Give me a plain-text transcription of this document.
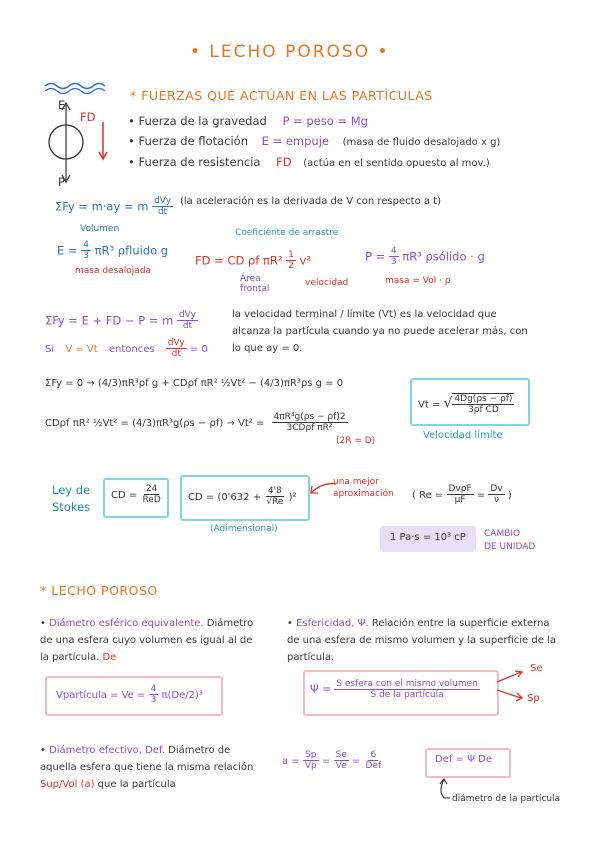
• LECHO POROSO •
E
FD
P
* FUERZAS QUE ACTÚAN EN LAS PARTÍCULAS
• Fuerza de la gravedad P = peso = Mg
• Fuerza de flotación E = empuje (masa de fluido desalojado x g)
• Fuerza de resistencia FD (actúa en el sentido opuesto al mov.)
ΣFy = m·ay = m $\frac{\text{dVy}}{dt} (la$ aceleración es la derivada de V con respecto a t)
Volumen
$E = \frac{4}{3} \pi R^3$ ρfluido g
masa desalojada
Coeficiente de arrastre
FD = CD ρf $\pi R^2 \frac{1}{2} v^2$
Área frontal
velocidad
$P = \frac{4}{3} \pi R^3$ ρsólido · g
masa = Vol · ρ
ΣFy = E + FD − P = m $\frac{\text{dVy}}{dt}$
Si V = Vt entonces $\frac{\text{dVy}}{dt} = 0$
la velocidad terminal / límite (Vt) es la velocidad que alcanza la partícula cuando ya no puede acelerar más, con lo que ay = 0.
ΣFy = 0 → (4/3)πR³ρf g + CDρf πR² ½Vt² − (4/3)πR³ρs g = 0
CDρf πR² ½Vt² = $(4/3)\pi R^3g(\rho s - \rho f) \to Vt^2 = \frac{\text{4πR³g(ρs − ρf)2}}{\text{3CDρf πR²}}$
(2R = D)
Vt = √ $\frac{4Dg(\rho s - \rho f)}{\text{3ρf CD}}$
Velocidad límite
Ley de
Stokes
CD = $\frac{24}{\text{ReD}}$	CD = $(0'632 + \frac{4'8}{√Re} )^2$
(Adimensional)
una mejor aproximación	( $Re = \frac{\text{DvρF}}{\mu F} = \frac{Dv}{\nu}$ )
1 Pa·s = 10³ cP CAMBIO
DE UNIDAD
* LECHO POROSO
• Diámetro esférico equivalente. Diámetro de una esfera cuyo volumen es igual al de la partícula. De
Vpartícula = $Ve = \frac{4}{3} \pi(De/2)^3$
• Esfericidad, Ψ. Relación entre la superficie externa de una esfera de mismo volumen y la superficie de la partícula.
$\Psi = \frac{\text{S esfera con el mismo volumen}}{\text{S de la partícula}}$
Se
Sp
• Diámetro efectivo, Def. Diámetro de aquella esfera que tiene la misma relación Sup/Vol (a) que la partícula
$a = \frac{Sp}{Vp} = \frac{Se}{Ve} = \frac{6}{\text{Def}}$	Def = Ψ De
diámetro de la partícula
